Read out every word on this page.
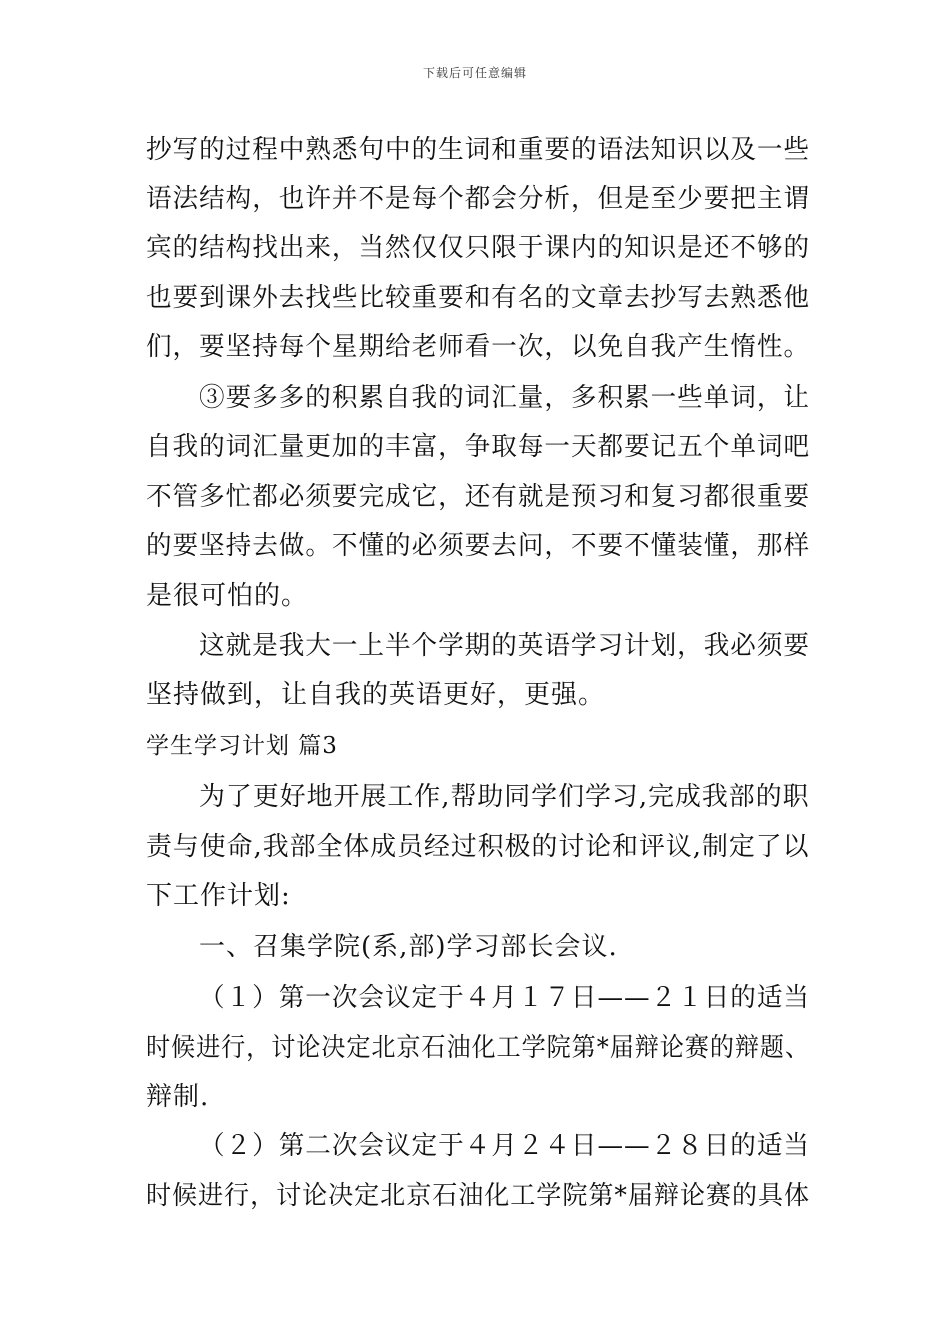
下载后可任意编辑
抄写的过程中熟悉句中的生词和重要的语法知识以及一些
语法结构，也许并不是每个都会分析，但是至少要把主谓
宾的结构找出来，当然仅仅只限于课内的知识是还不够的
也要到课外去找些比较重要和有名的文章去抄写去熟悉他
们，要坚持每个星期给老师看一次，以免自我产生惰性。
③要多多的积累自我的词汇量，多积累一些单词，让
自我的词汇量更加的丰富，争取每一天都要记五个单词吧
不管多忙都必须要完成它，还有就是预习和复习都很重要
的要坚持去做。不懂的必须要去问，不要不懂装懂，那样
是很可怕的。
这就是我大一上半个学期的英语学习计划，我必须要
坚持做到，让自我的英语更好，更强。
学生学习计划 篇3
为了更好地开展工作,帮助同学们学习,完成我部的职
责与使命,我部全体成员经过积极的讨论和评议,制定了以
下工作计划:
一、召集学院(系,部)学习部长会议.
（１）第一次会议定于４月１７日——２１日的适当
时候进行，讨论决定北京石油化工学院第*届辩论赛的辩题、
辩制.
（２）第二次会议定于４月２４日——２８日的适当
时候进行，讨论决定北京石油化工学院第*届辩论赛的具体
